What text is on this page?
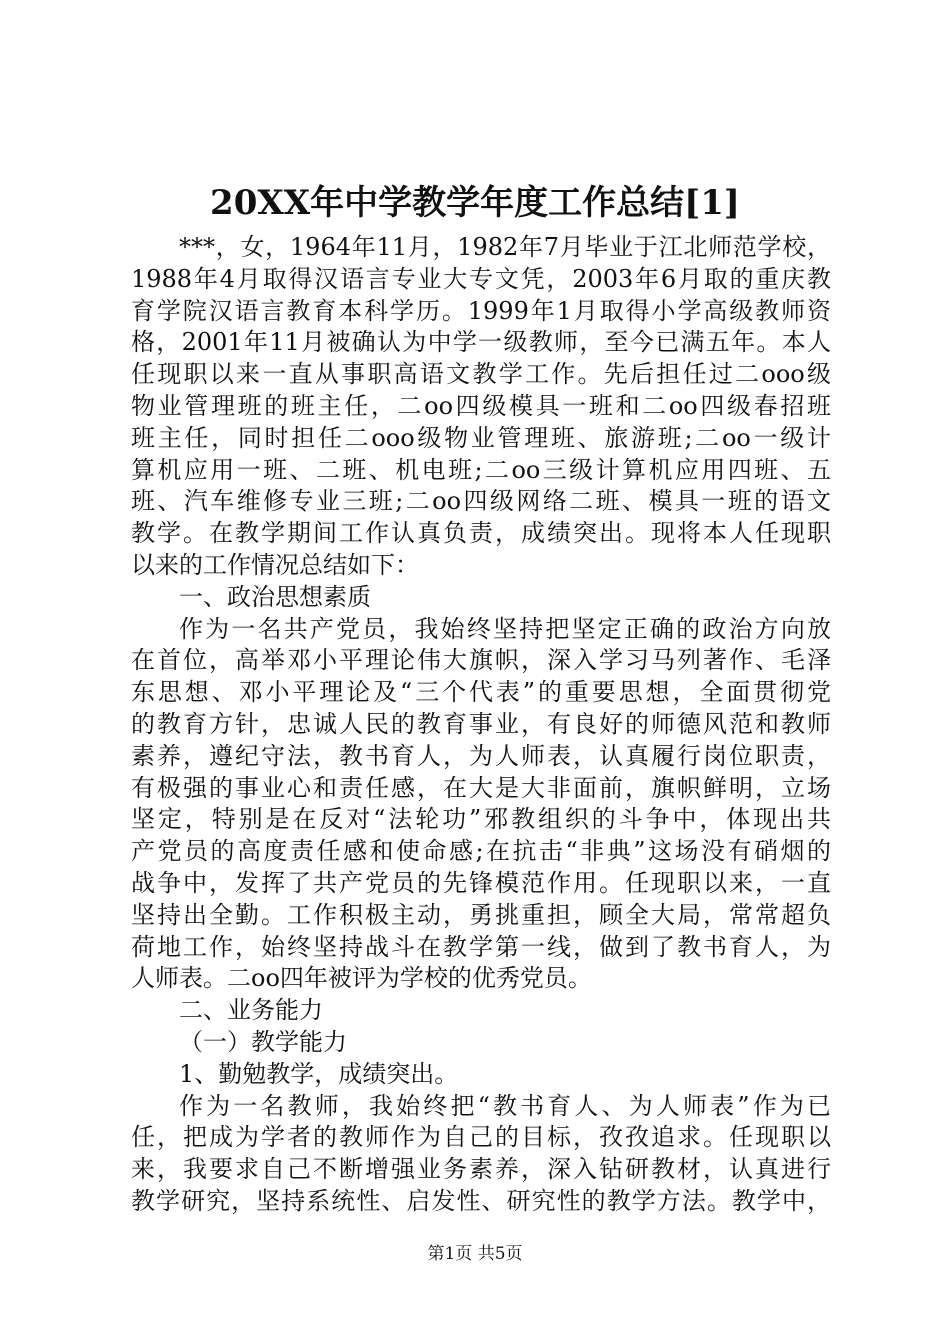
20XX年中学教学年度工作总结[1]
***，女，1964年11月，1982年7月毕业于江北师范学校，
1988年4月取得汉语言专业大专文凭，2003年6月取的重庆教
育学院汉语言教育本科学历。1999年1月取得小学高级教师资
格，2001年11月被确认为中学一级教师，至今已满五年。本人
任现职以来一直从事职高语文教学工作。先后担任过二ooo级
物业管理班的班主任，二oo四级模具一班和二oo四级春招班
班主任，同时担任二ooo级物业管理班、旅游班;二oo一级计
算机应用一班、二班、机电班;二oo三级计算机应用四班、五
班、汽车维修专业三班;二oo四级网络二班、模具一班的语文
教学。在教学期间工作认真负责，成绩突出。现将本人任现职
以来的工作情况总结如下：
一、政治思想素质
作为一名共产党员，我始终坚持把坚定正确的政治方向放
在首位，高举邓小平理论伟大旗帜，深入学习马列著作、毛泽
东思想、邓小平理论及“三个代表”的重要思想，全面贯彻党
的教育方针，忠诚人民的教育事业，有良好的师德风范和教师
素养，遵纪守法，教书育人，为人师表，认真履行岗位职责，
有极强的事业心和责任感，在大是大非面前，旗帜鲜明，立场
坚定，特别是在反对“法轮功”邪教组织的斗争中，体现出共
产党员的高度责任感和使命感;在抗击“非典”这场没有硝烟的
战争中，发挥了共产党员的先锋模范作用。任现职以来，一直
坚持出全勤。工作积极主动，勇挑重担，顾全大局，常常超负
荷地工作，始终坚持战斗在教学第一线，做到了教书育人，为
人师表。二oo四年被评为学校的优秀党员。
二、业务能力
（一）教学能力
1、勤勉教学，成绩突出。
作为一名教师，我始终把“教书育人、为人师表”作为已
任，把成为学者的教师作为自己的目标，孜孜追求。任现职以
来，我要求自己不断增强业务素养，深入钻研教材，认真进行
教学研究，坚持系统性、启发性、研究性的教学方法。教学中，
第1页 共5页
